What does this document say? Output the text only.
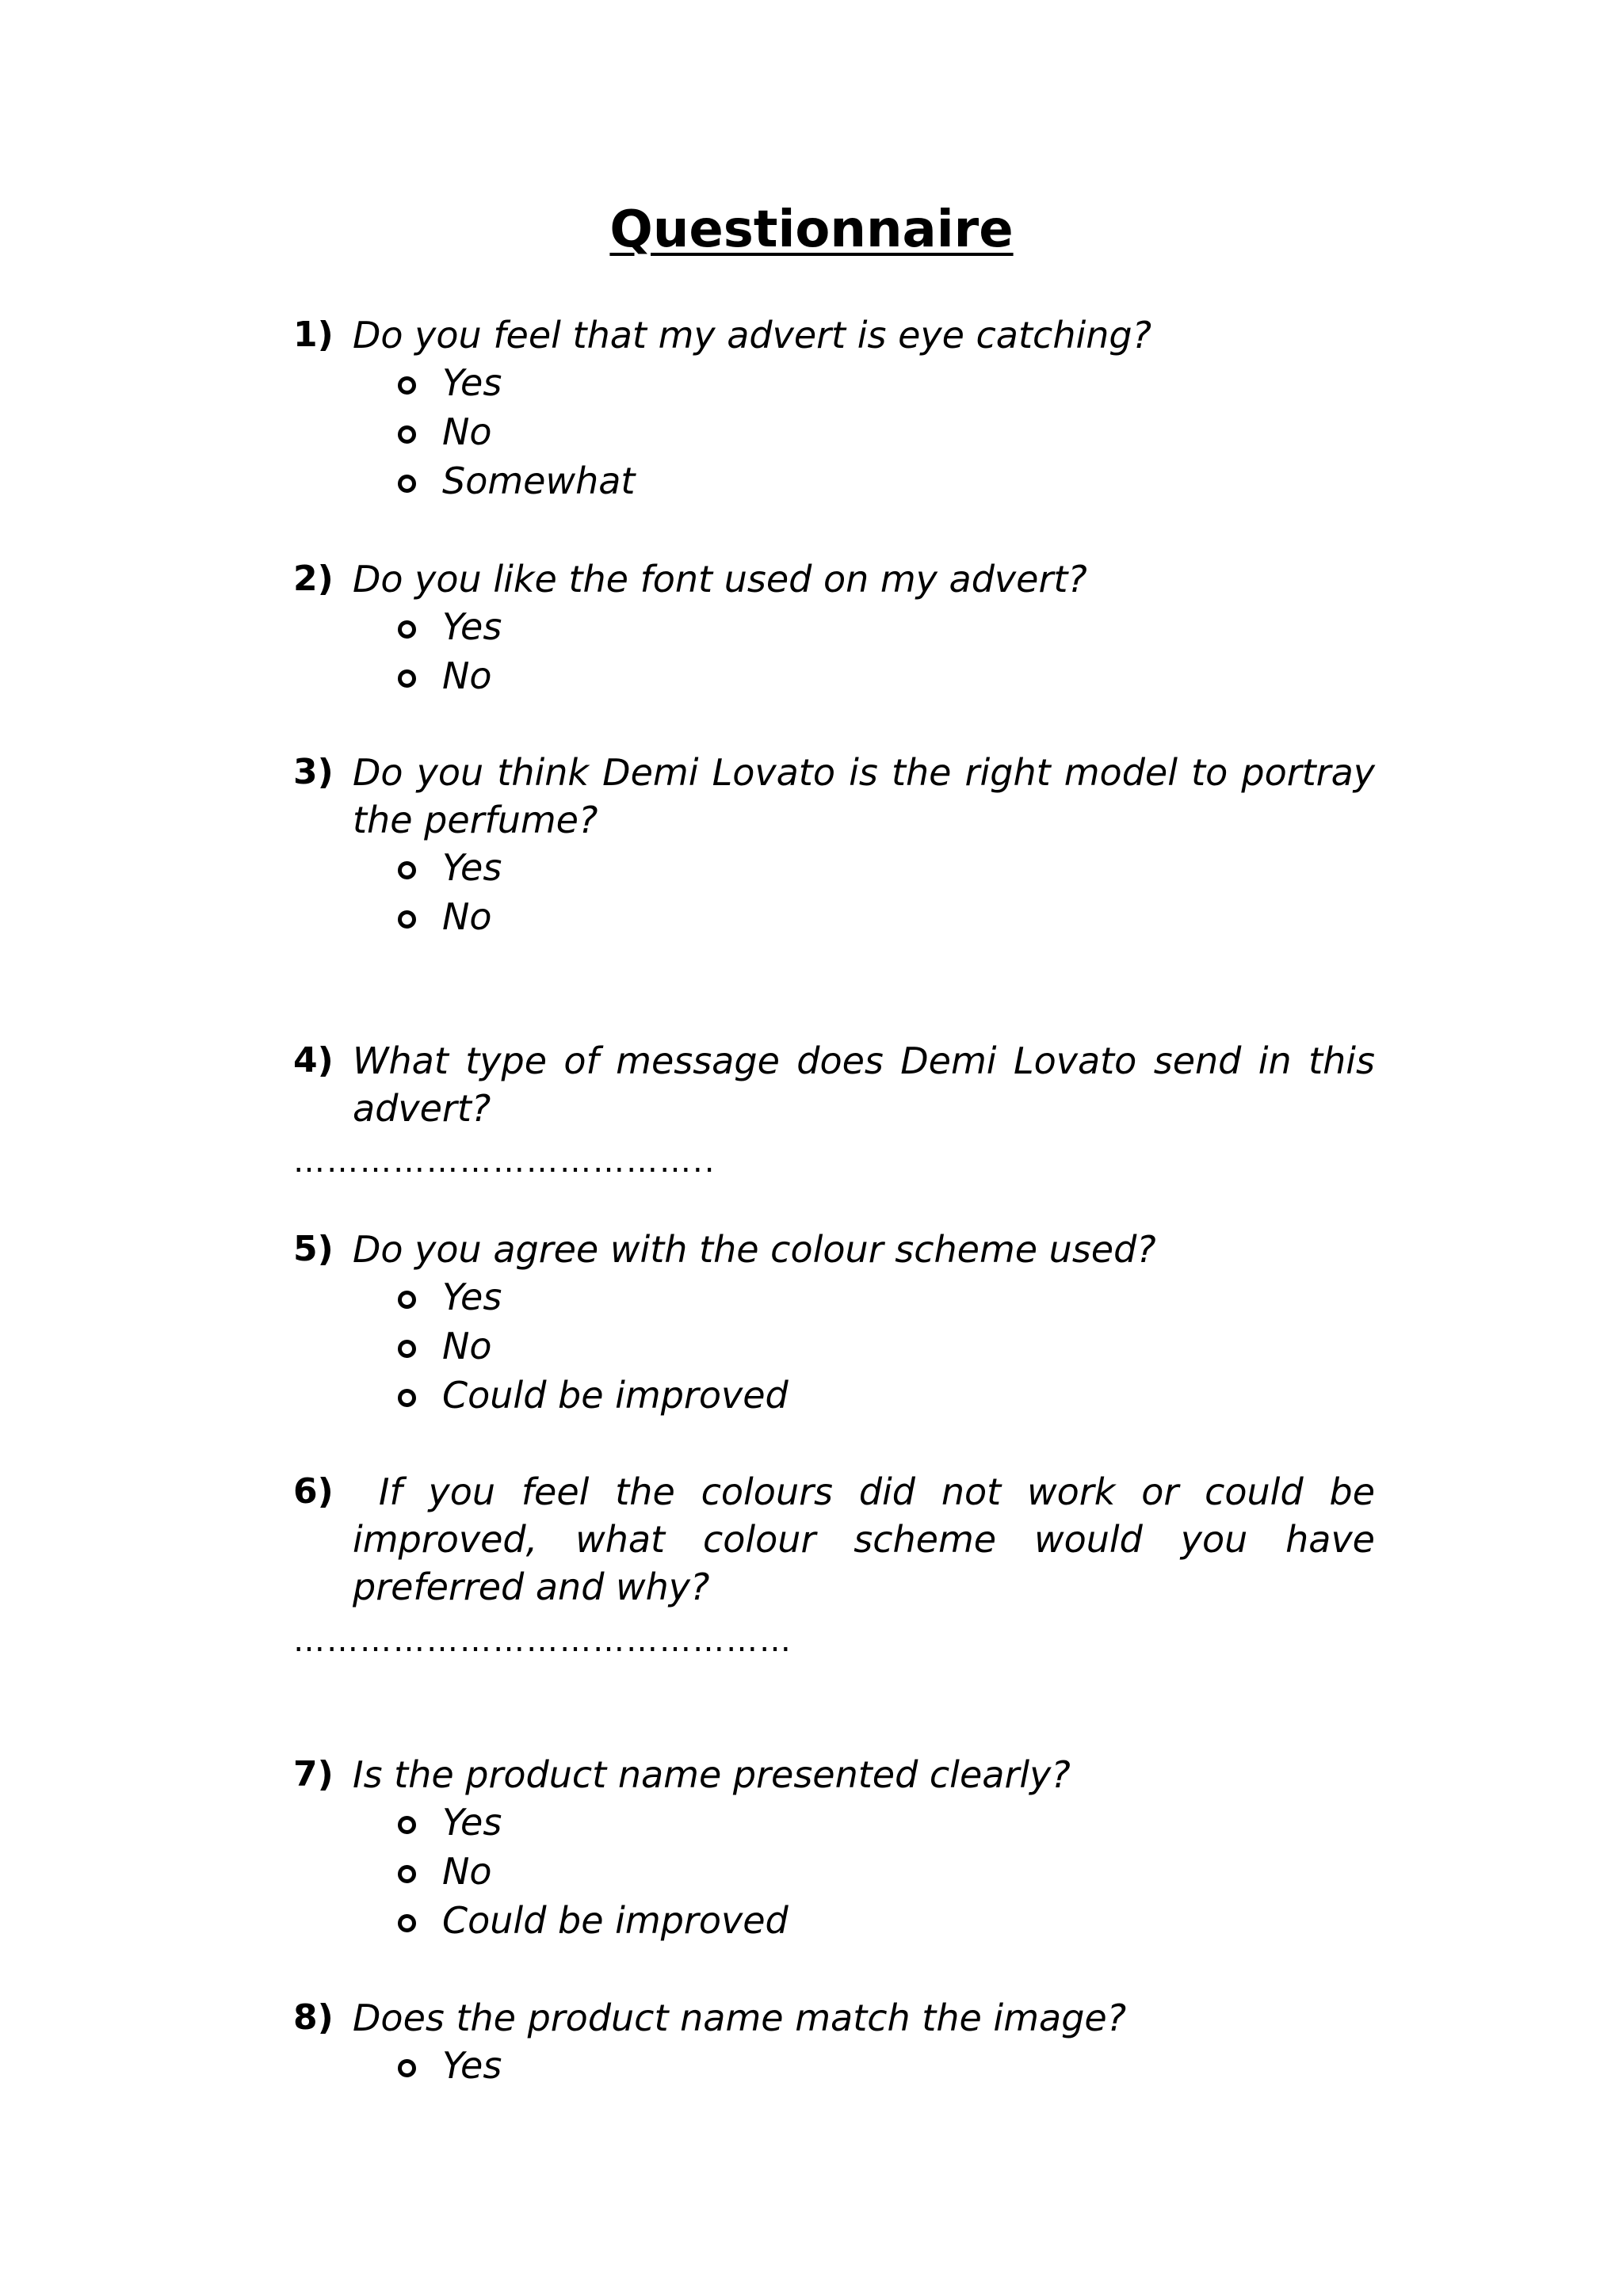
Questionnaire
1) Do you feel that my advert is eye catching?
Yes
No
Somewhat
2) Do you like the font used on my advert?
Yes
No
3) Do you think Demi Lovato is the right model to portray the perfume?
Yes
No
4) What type of message does Demi Lovato send in this advert?
………………………………..
5) Do you agree with the colour scheme used?
Yes
No
Could be improved
6) If you feel the colours did not work or could be improved, what colour scheme would you have preferred and why?
………………………………………
7) Is the product name presented clearly?
Yes
No
Could be improved
8) Does the product name match the image?
Yes
